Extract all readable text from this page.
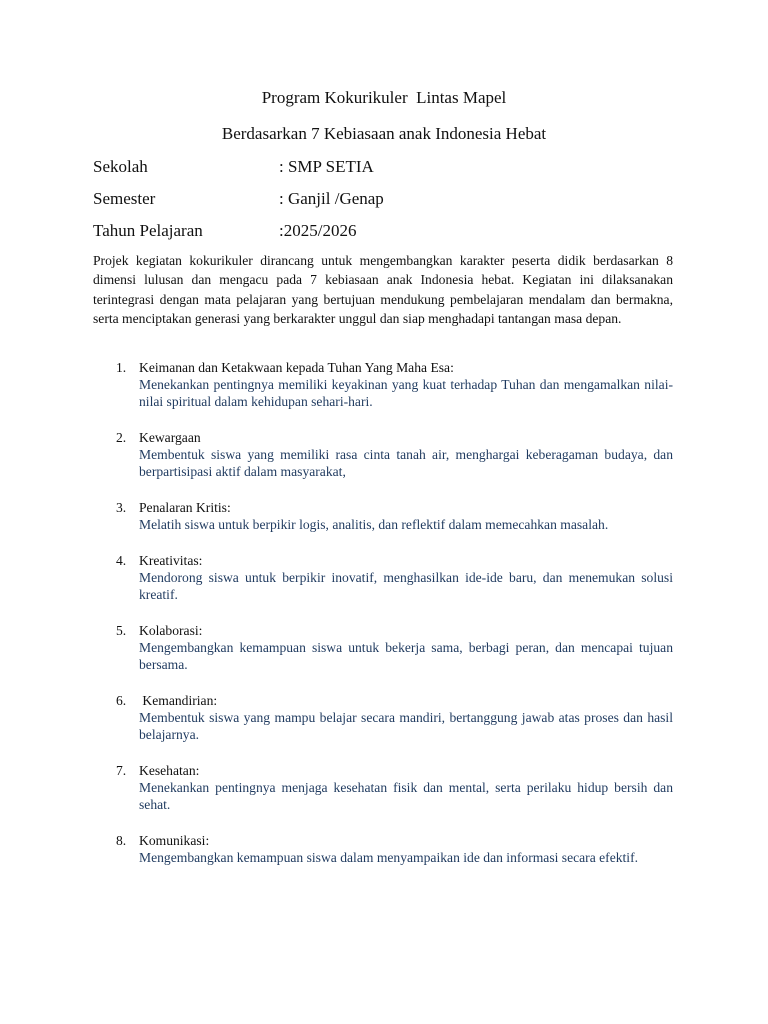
Program Kokurikuler  Lintas Mapel
Berdasarkan 7 Kebiasaan anak Indonesia Hebat
Sekolah	: SMP SETIA
Semester	: Ganjil /Genap
Tahun Pelajaran	:2025/2026

Projek kegiatan kokurikuler dirancang untuk mengembangkan karakter peserta didik berdasarkan 8 dimensi lulusan dan mengacu pada 7 kebiasaan anak Indonesia hebat. Kegiatan ini dilaksanakan terintegrasi dengan mata pelajaran yang bertujuan mendukung pembelajaran mendalam dan bermakna, serta menciptakan generasi yang berkarakter unggul dan siap menghadapi tantangan masa depan.

1. Keimanan dan Ketakwaan kepada Tuhan Yang Maha Esa:
Menekankan pentingnya memiliki keyakinan yang kuat terhadap Tuhan dan mengamalkan nilai-nilai spiritual dalam kehidupan sehari-hari.
2. Kewargaan
Membentuk siswa yang memiliki rasa cinta tanah air, menghargai keberagaman budaya, dan berpartisipasi aktif dalam masyarakat,
3. Penalaran Kritis:
Melatih siswa untuk berpikir logis, analitis, dan reflektif dalam memecahkan masalah.
4. Kreativitas:
Mendorong siswa untuk berpikir inovatif, menghasilkan ide-ide baru, dan menemukan solusi kreatif.
5. Kolaborasi:
Mengembangkan kemampuan siswa untuk bekerja sama, berbagi peran, dan mencapai tujuan bersama.
6. Kemandirian:
Membentuk siswa yang mampu belajar secara mandiri, bertanggung jawab atas proses dan hasil belajarnya.
7. Kesehatan:
Menekankan pentingnya menjaga kesehatan fisik dan mental, serta perilaku hidup bersih dan sehat.
8. Komunikasi:
Mengembangkan kemampuan siswa dalam menyampaikan ide dan informasi secara efektif.
